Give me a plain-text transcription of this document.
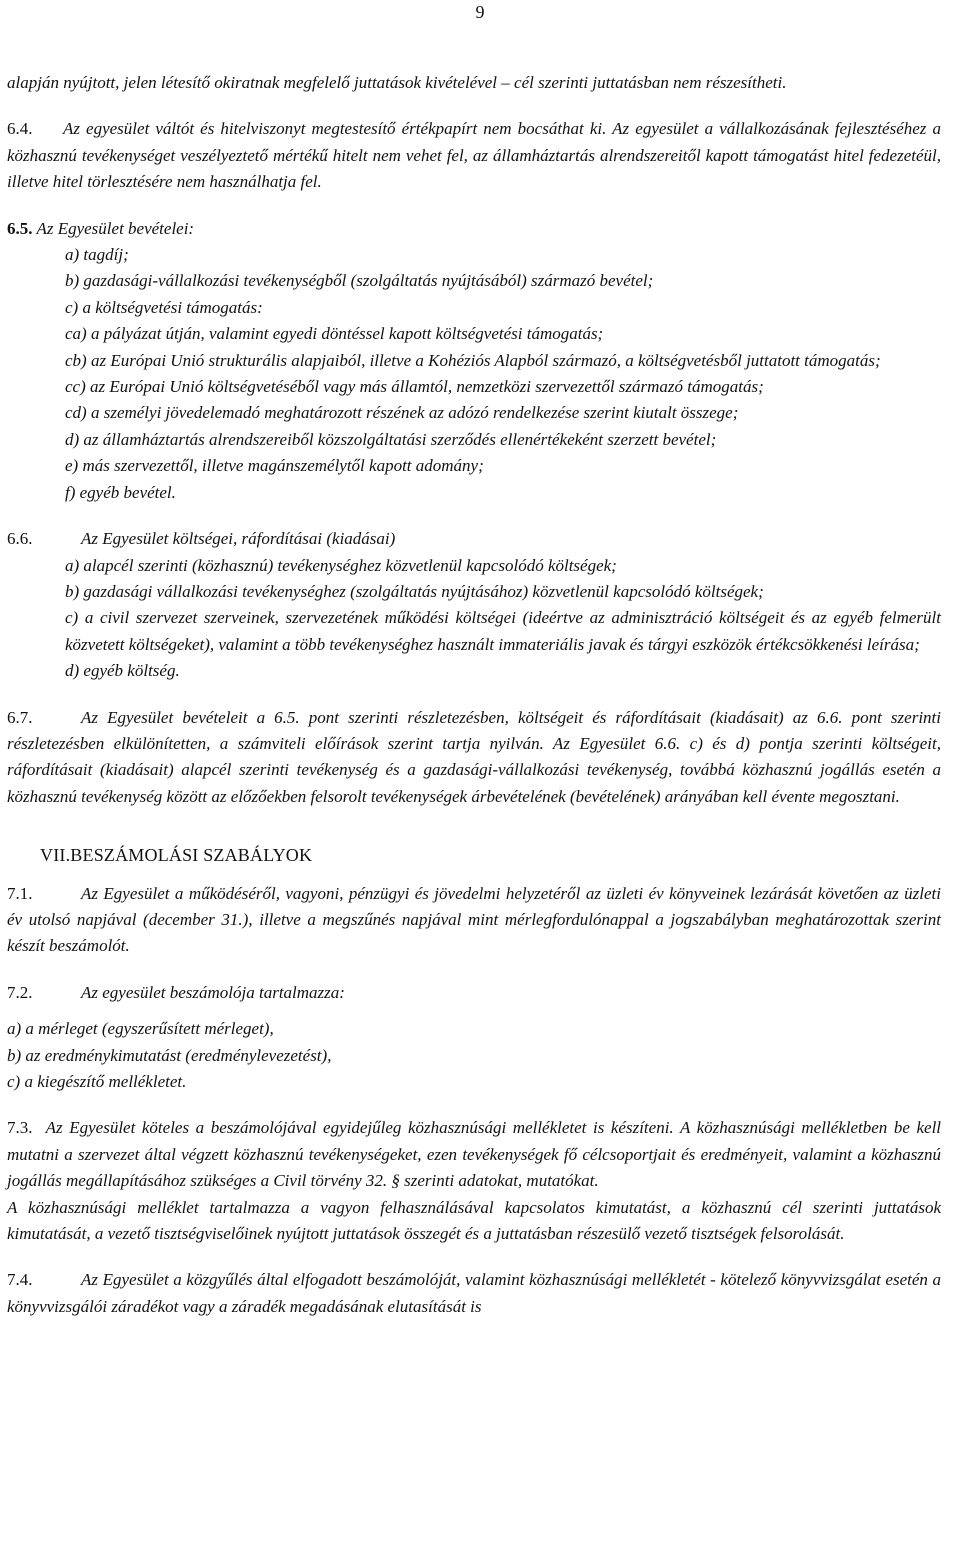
9

alapján nyújtott, jelen létesítő okiratnak megfelelő juttatások kivételével – cél szerinti juttatásban nem részesítheti.

6.4. Az egyesület váltót és hitelviszonyt megtestesítő értékpapírt nem bocsáthat ki. Az egyesület a vállalkozásának fejlesztéséhez a közhasznú tevékenységet veszélyeztető mértékű hitelt nem vehet fel, az államháztartás alrendszereitől kapott támogatást hitel fedezetéül, illetve hitel törlesztésére nem használhatja fel.

6.5. Az Egyesület bevételei:

a) tagdíj;
b) gazdasági-vállalkozási tevékenységből (szolgáltatás nyújtásából) származó bevétel;
c) a költségvetési támogatás:
ca) a pályázat útján, valamint egyedi döntéssel kapott költségvetési támogatás;
cb) az Európai Unió strukturális alapjaiból, illetve a Kohéziós Alapból származó, a költségvetésből juttatott támogatás;
cc) az Európai Unió költségvetéséből vagy más államtól, nemzetközi szervezettől származó támogatás;
cd) a személyi jövedelemadó meghatározott részének az adózó rendelkezése szerint kiutalt összege;
d) az államháztartás alrendszereiből közszolgáltatási szerződés ellenértékeként szerzett bevétel;
e) más szervezettől, illetve magánszemélytől kapott adomány;
f) egyéb bevétel.

6.6.	Az Egyesület költségei, ráfordításai (kiadásai)

a) alapcél szerinti (közhasznú) tevékenységhez közvetlenül kapcsolódó költségek;
b) gazdasági vállalkozási tevékenységhez (szolgáltatás nyújtásához) közvetlenül kapcsolódó költségek;
c) a civil szervezet szerveinek, szervezetének működési költségei (ideértve az adminisztráció költségeit és az egyéb felmerült közvetett költségeket), valamint a több tevékenységhez használt immateriális javak és tárgyi eszközök értékcsökkenési leírása;
d) egyéb költség.

6.7.	Az Egyesület bevételeit a 6.5. pont szerinti részletezésben, költségeit és ráfordításait (kiadásait) az 6.6. pont szerinti részletezésben elkülönítetten, a számviteli előírások szerint tartja nyilván. Az Egyesület 6.6. c) és d) pontja szerinti költségeit, ráfordításait (kiadásait) alapcél szerinti tevékenység és a gazdasági-vállalkozási tevékenység, továbbá közhasznú jogállás esetén a közhasznú tevékenység között az előzőekben felsorolt tevékenységek árbevételének (bevételének) arányában kell évente megosztani.

VII.BESZÁMOLÁSI SZABÁLYOK

7.1.	Az Egyesület a működéséről, vagyoni, pénzügyi és jövedelmi helyzetéről az üzleti év könyveinek lezárását követően az üzleti év utolsó napjával (december 31.), illetve a megszűnés napjával mint mérlegfordulónappal a jogszabályban meghatározottak szerint készít beszámolót.

7.2.	Az egyesület beszámolója tartalmazza:

a) a mérleget (egyszerűsített mérleget),
b) az eredménykimutatást (eredménylevezetést),
c) a kiegészítő mellékletet.

7.3. Az Egyesület köteles a beszámolójával egyidejűleg közhasznúsági mellékletet is készíteni. A közhasznúsági mellékletben be kell mutatni a szervezet által végzett közhasznú tevékenységeket, ezen tevékenységek fő célcsoportjait és eredményeit, valamint a közhasznú jogállás megállapításához szükséges a Civil törvény 32. § szerinti adatokat, mutatókat.

A közhasznúsági melléklet tartalmazza a vagyon felhasználásával kapcsolatos kimutatást, a közhasznú cél szerinti juttatások kimutatását, a vezető tisztségviselőinek nyújtott juttatások összegét és a juttatásban részesülő vezető tisztségek felsorolását.

7.4.	Az Egyesület a közgyűlés által elfogadott beszámolóját, valamint közhasznúsági mellékletét - kötelező könyvvizsgálat esetén a könyvvizsgálói záradékot vagy a záradék megadásának elutasítását is
